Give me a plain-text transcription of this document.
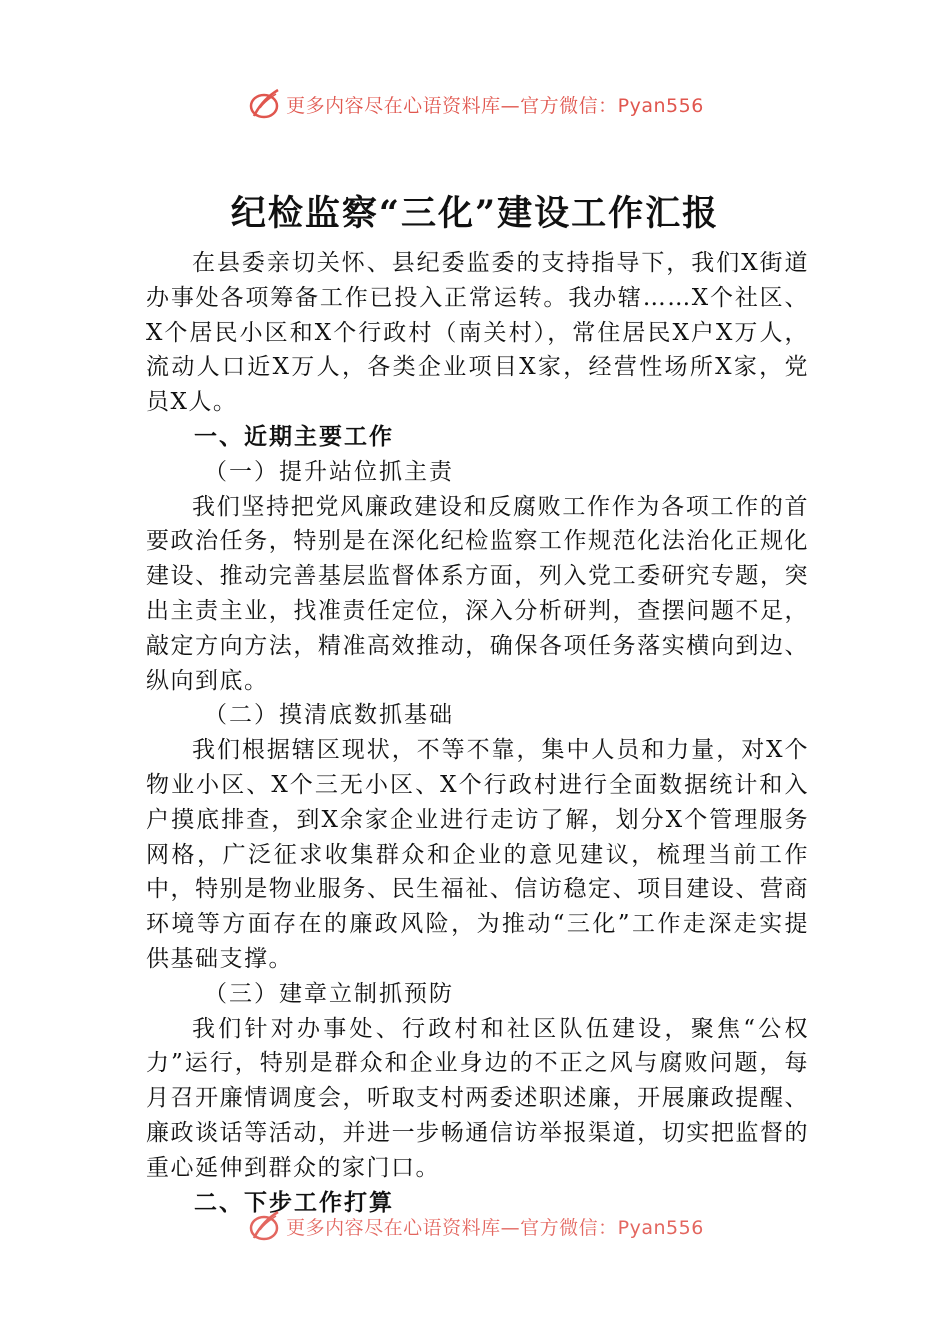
更多内容尽在心语资料库—官方微信：Pyan556
纪检监察“三化”建设工作汇报

在县委亲切关怀、县纪委监委的支持指导下，我们X街道办事处各项筹备工作已投入正常运转。我办辖……X个社区、X个居民小区和X个行政村（南关村），常住居民X户X万人，流动人口近X万人，各类企业项目X家，经营性场所X家，党员X人。

一、近期主要工作

（一）提升站位抓主责

我们坚持把党风廉政建设和反腐败工作作为各项工作的首要政治任务，特别是在深化纪检监察工作规范化法治化正规化建设、推动完善基层监督体系方面，列入党工委研究专题，突出主责主业，找准责任定位，深入分析研判，查摆问题不足，敲定方向方法，精准高效推动，确保各项任务落实横向到边、纵向到底。

（二）摸清底数抓基础

我们根据辖区现状，不等不靠，集中人员和力量，对X个物业小区、X个三无小区、X个行政村进行全面数据统计和入户摸底排查，到X余家企业进行走访了解，划分X个管理服务网格，广泛征求收集群众和企业的意见建议，梳理当前工作中，特别是物业服务、民生福祉、信访稳定、项目建设、营商环境等方面存在的廉政风险，为推动“三化”工作走深走实提供基础支撑。

（三）建章立制抓预防

我们针对办事处、行政村和社区队伍建设，聚焦“公权力”运行，特别是群众和企业身边的不正之风与腐败问题，每月召开廉情调度会，听取支村两委述职述廉，开展廉政提醒、廉政谈话等活动，并进一步畅通信访举报渠道，切实把监督的重心延伸到群众的家门口。

二、下步工作打算

更多内容尽在心语资料库—官方微信：Pyan556
